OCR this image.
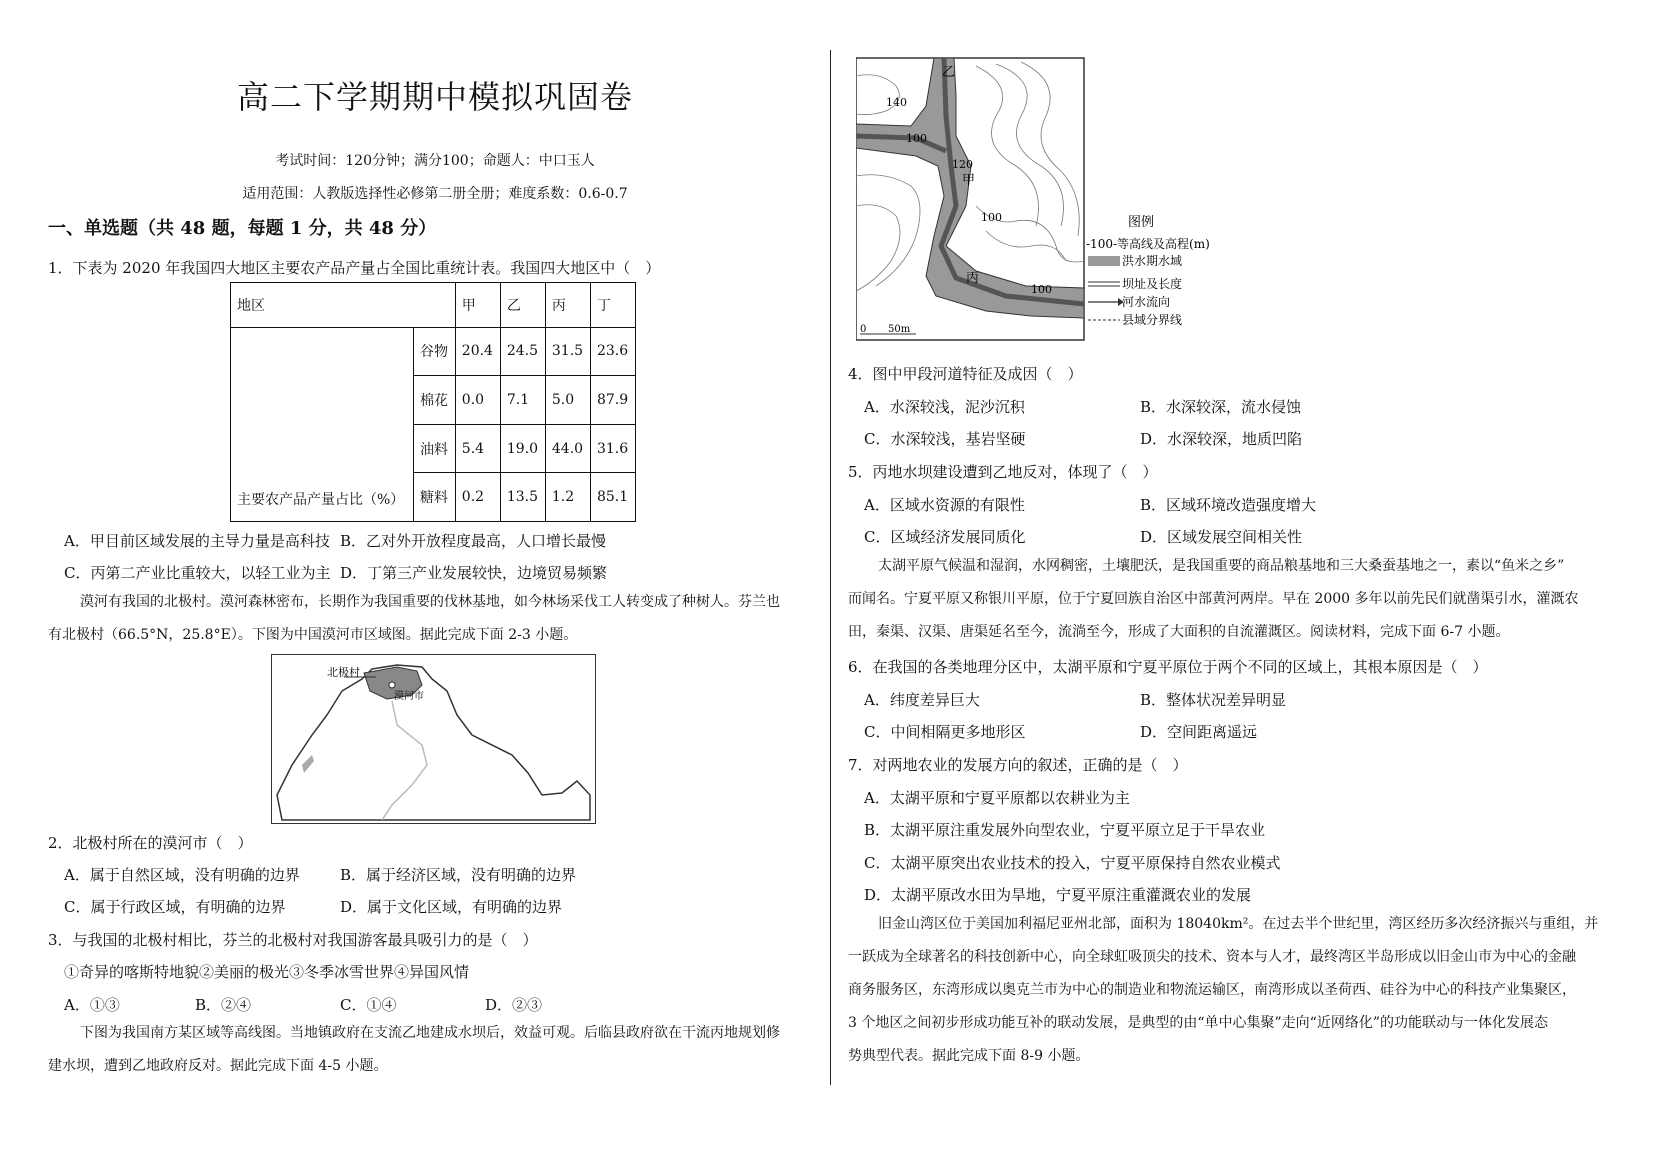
高二下学期期中模拟巩固卷
考试时间：120分钟；满分100；命题人：中口玉人
适用范围：人教版选择性必修第二册全册；难度系数：0.6-0.7
一、单选题（共 48 题，每题 1 分，共 48 分）
1．下表为 2020 年我国四大地区主要农产品产量占全国比重统计表。我国四大地区中（　）
地区		甲	乙	丙	丁
主要农产品产量占比（%）	谷物	20.4	24.5	31.5	23.6
	棉花	0.0	7.1	5.0	87.9
	油料	5.4	19.0	44.0	31.6
	糖料	0.2	13.5	1.2	85.1
A．甲目前区域发展的主导力量是高科技 B．乙对外开放程度最高，人口增长最慢
C．丙第二产业比重较大，以轻工业为主 D．丁第三产业发展较快，边境贸易频繁
漠河有我国的北极村。漠河森林密布，长期作为我国重要的伐林基地，如今林场采伐工人转变成了种树人。芬兰也
有北极村（66.5°N，25.8°E）。下图为中国漠河市区域图。据此完成下面 2-3 小题。
北极村
漠河市
2．北极村所在的漠河市（　）
A．属于自然区域，没有明确的边界	B．属于经济区域，没有明确的边界
C．属于行政区域，有明确的边界	D．属于文化区域，有明确的边界
3．与我国的北极村相比，芬兰的北极村对我国游客最具吸引力的是（　）
①奇异的喀斯特地貌②美丽的极光③冬季冰雪世界④异国风情
A．①③	B．②④	C．①④	D．②③
下图为我国南方某区域等高线图。当地镇政府在支流乙地建成水坝后，效益可观。后临县政府欲在干流丙地规划修
建水坝，遭到乙地政府反对。据此完成下面 4-5 小题。
乙
甲
丙
140
100
120
100
100
0 50m
图例
-100-等高线及高程(m)
洪水期水域
坝址及长度
河水流向
县域分界线
4．图中甲段河道特征及成因（　）
A．水深较浅，泥沙沉积	B．水深较深，流水侵蚀
C．水深较浅，基岩坚硬	D．水深较深，地质凹陷
5．丙地水坝建设遭到乙地反对，体现了（　）
A．区域水资源的有限性	B．区域环境改造强度增大
C．区域经济发展同质化	D．区域发展空间相关性
太湖平原气候温和湿润，水网稠密，土壤肥沃，是我国重要的商品粮基地和三大桑蚕基地之一，素以“鱼米之乡”
而闻名。宁夏平原又称银川平原，位于宁夏回族自治区中部黄河两岸。早在 2000 多年以前先民们就凿渠引水，灌溉农
田，秦渠、汉渠、唐渠延名至今，流淌至今，形成了大面积的自流灌溉区。阅读材料，完成下面 6-7 小题。
6．在我国的各类地理分区中，太湖平原和宁夏平原位于两个不同的区域上，其根本原因是（　）
A．纬度差异巨大	B．整体状况差异明显
C．中间相隔更多地形区	D．空间距离遥远
7．对两地农业的发展方向的叙述，正确的是（　）
A．太湖平原和宁夏平原都以农耕业为主
B．太湖平原注重发展外向型农业，宁夏平原立足于干旱农业
C．太湖平原突出农业技术的投入，宁夏平原保持自然农业模式
D．太湖平原改水田为旱地，宁夏平原注重灌溉农业的发展
旧金山湾区位于美国加利福尼亚州北部，面积为 18040km²。在过去半个世纪里，湾区经历多次经济振兴与重组，并
一跃成为全球著名的科技创新中心，向全球虹吸顶尖的技术、资本与人才，最终湾区半岛形成以旧金山市为中心的金融
商务服务区，东湾形成以奥克兰市为中心的制造业和物流运输区，南湾形成以圣荷西、硅谷为中心的科技产业集聚区，
3 个地区之间初步形成功能互补的联动发展，是典型的由“单中心集聚”走向“近网络化”的功能联动与一体化发展态
势典型代表。据此完成下面 8-9 小题。
